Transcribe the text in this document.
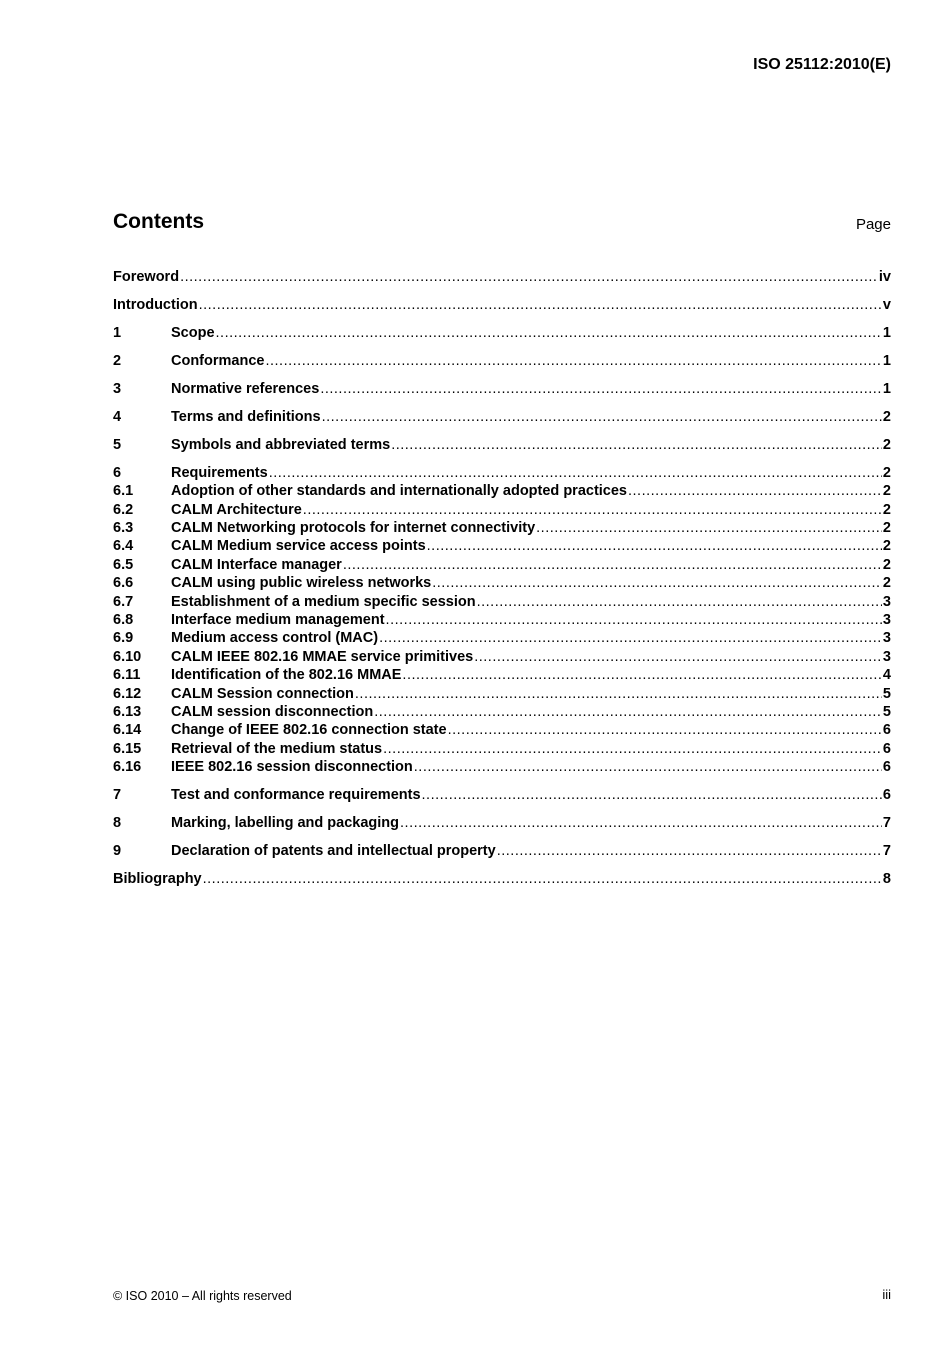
ISO 25112:2010(E)
Contents	Page
Foreword .....	iv
Introduction .....	v
1	Scope .....	1
2	Conformance .....	1
3	Normative references .....	1
4	Terms and definitions .....	2
5	Symbols and abbreviated terms .....	2
6	Requirements .....	2
6.1	Adoption of other standards and internationally adopted practices .....	2
6.2	CALM Architecture .....	2
6.3	CALM Networking protocols for internet connectivity .....	2
6.4	CALM Medium service access points .....	2
6.5	CALM Interface manager .....	2
6.6	CALM using public wireless networks .....	2
6.7	Establishment of a medium specific session .....	3
6.8	Interface medium management .....	3
6.9	Medium access control (MAC) .....	3
6.10	CALM IEEE 802.16 MMAE service primitives .....	3
6.11	Identification of the 802.16 MMAE .....	4
6.12	CALM Session connection .....	5
6.13	CALM session disconnection .....	5
6.14	Change of IEEE 802.16 connection state .....	6
6.15	Retrieval of the medium status .....	6
6.16	IEEE 802.16 session disconnection .....	6
7	Test and conformance requirements .....	6
8	Marking, labelling and packaging .....	7
9	Declaration of patents and intellectual property .....	7
Bibliography .....	8
© ISO 2010 – All rights reserved	iii
